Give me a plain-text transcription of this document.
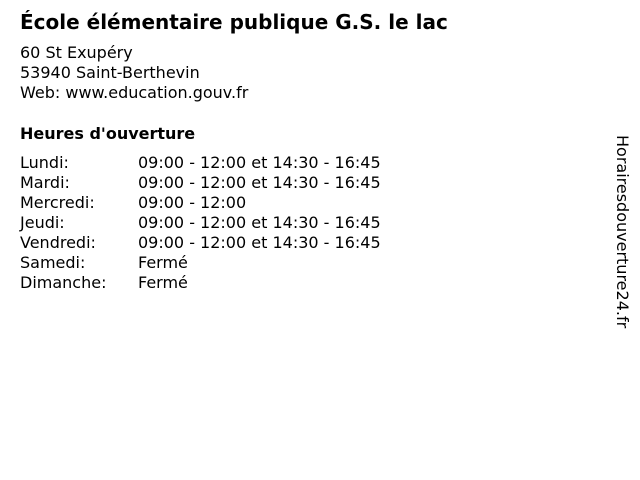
École élémentaire publique G.S. le lac
60 St Exupéry
53940 Saint-Berthevin
Web: www.education.gouv.fr
Heures d'ouverture
Lundi:	09:00 - 12:00 et 14:30 - 16:45
Mardi:	09:00 - 12:00 et 14:30 - 16:45
Mercredi:	09:00 - 12:00
Jeudi:	09:00 - 12:00 et 14:30 - 16:45
Vendredi:	09:00 - 12:00 et 14:30 - 16:45
Samedi:	Fermé
Dimanche:	Fermé	Horairesdouverture24.fr
